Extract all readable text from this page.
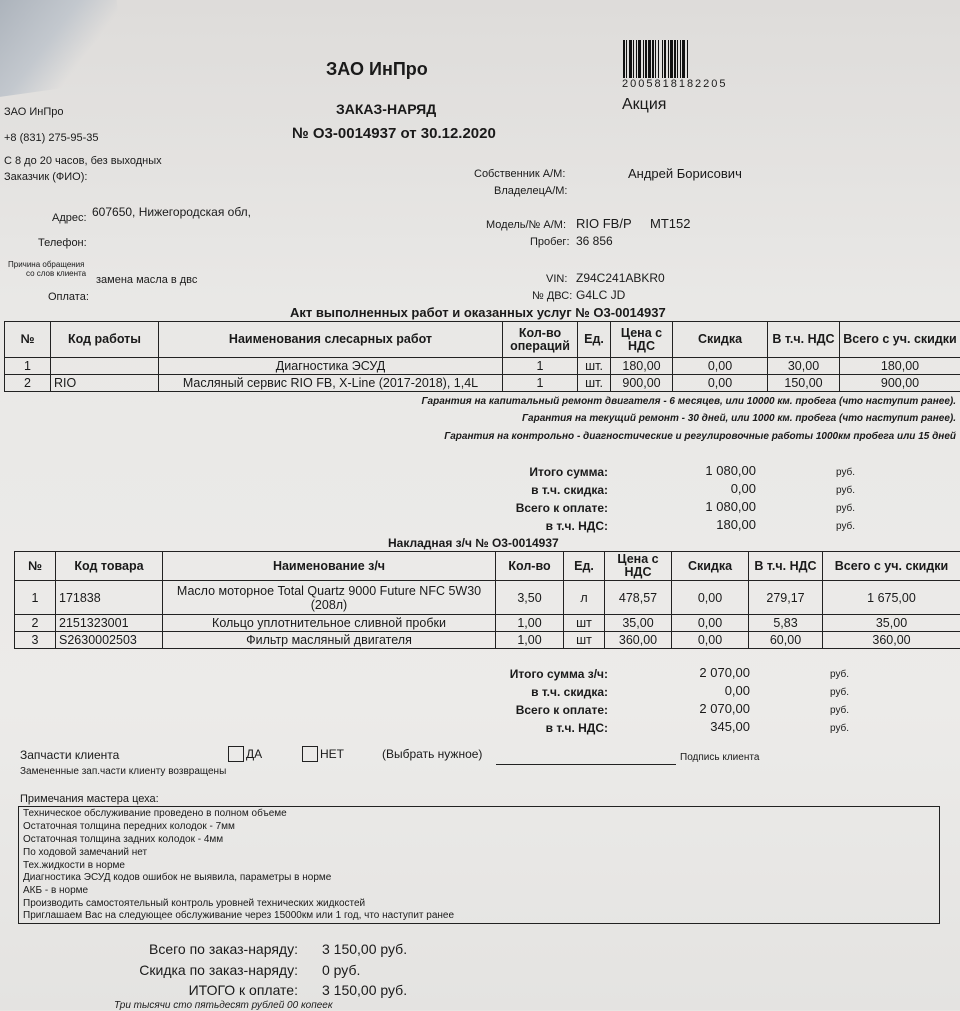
ЗАО ИнПро
ЗАКАЗ-НАРЯД
№ О3-0014937 от 30.12.2020
Акция
2005818182205
ЗАО ИнПро
+8 (831) 275-95-35
С 8 до 20 часов, без выходных
Заказчик (ФИО):
Адрес: 607650, Нижегородская обл,
Телефон:
Причина обращения
со слов клиента
замена масла в двс
Оплата:
Собственник А/М:	Андрей Борисович
ВладелецА/М:
Модель/№ А/М: RIO FB/P МТ152
Пробег: 36 856
VIN: Z94C241ABKR0
№ ДВС: G4LC JD
Акт выполненных работ и оказанных услуг № О3-0014937
№	Код работы	Наименования слесарных работ	Кол-во операций	Ед.	Цена с НДС	Скидка	В т.ч. НДС	Всего с уч. скидки
1		Диагностика ЭСУД	1	шт.	180,00	0,00	30,00	180,00
2	RIO	Масляный сервис RIO FB, X-Line (2017-2018), 1,4L	1	шт.	900,00	0,00	150,00	900,00
Гарантия на капитальный ремонт двигателя - 6 месяцев, или 10000 км. пробега (что наступит ранее).
Гарантия на текущий ремонт - 30 дней, или 1000 км. пробега (что наступит ранее).
Гарантия на контрольно - диагностические и регулировочные работы 1000км пробега или 15 дней
Итого сумма:	1 080,00	руб.
в т.ч. скидка:	0,00	руб.
Всего к оплате:	1 080,00	руб.
в т.ч. НДС:	180,00	руб.
Накладная з/ч № О3-0014937
№	Код товара	Наименование з/ч	Кол-во	Ед.	Цена с НДС	Скидка	В т.ч. НДС	Всего с уч. скидки
1	171838	Масло моторное Total Quartz 9000 Future NFC 5W30 (208л)	3,50	л	478,57	0,00	279,17	1 675,00
2	2151323001	Кольцо уплотнительное сливной пробки	1,00	шт	35,00	0,00	5,83	35,00
3	S2630002503	Фильтр масляный двигателя	1,00	шт	360,00	0,00	60,00	360,00
Итого сумма з/ч:	2 070,00	руб.
в т.ч. скидка:	0,00	руб.
Всего к оплате:	2 070,00	руб.
в т.ч. НДС:	345,00	руб.
Запчасти клиента	ДА	НЕТ	(Выбрать нужное)	Подпись клиента
Замененные зап.части клиенту возвращены
Примечания мастера цеха:
Техническое обслуживание проведено в полном объеме
Остаточная толщина передних колодок - 7мм
Остаточная толщина задних колодок - 4мм
По ходовой замечаний нет
Тех.жидкости в норме
Диагностика ЭСУД кодов ошибок не выявила, параметры в норме
АКБ - в норме
Производить самостоятельный контроль уровней технических жидкостей
Приглашаем Вас на следующее обслуживание через 15000км или 1 год, что наступит ранее
Всего по заказ-наряду: 3 150,00 руб.
Скидка по заказ-наряду: 0 руб.
ИТОГО к оплате: 3 150,00 руб.
Три тысячи сто пятьдесят рублей 00 копеек
